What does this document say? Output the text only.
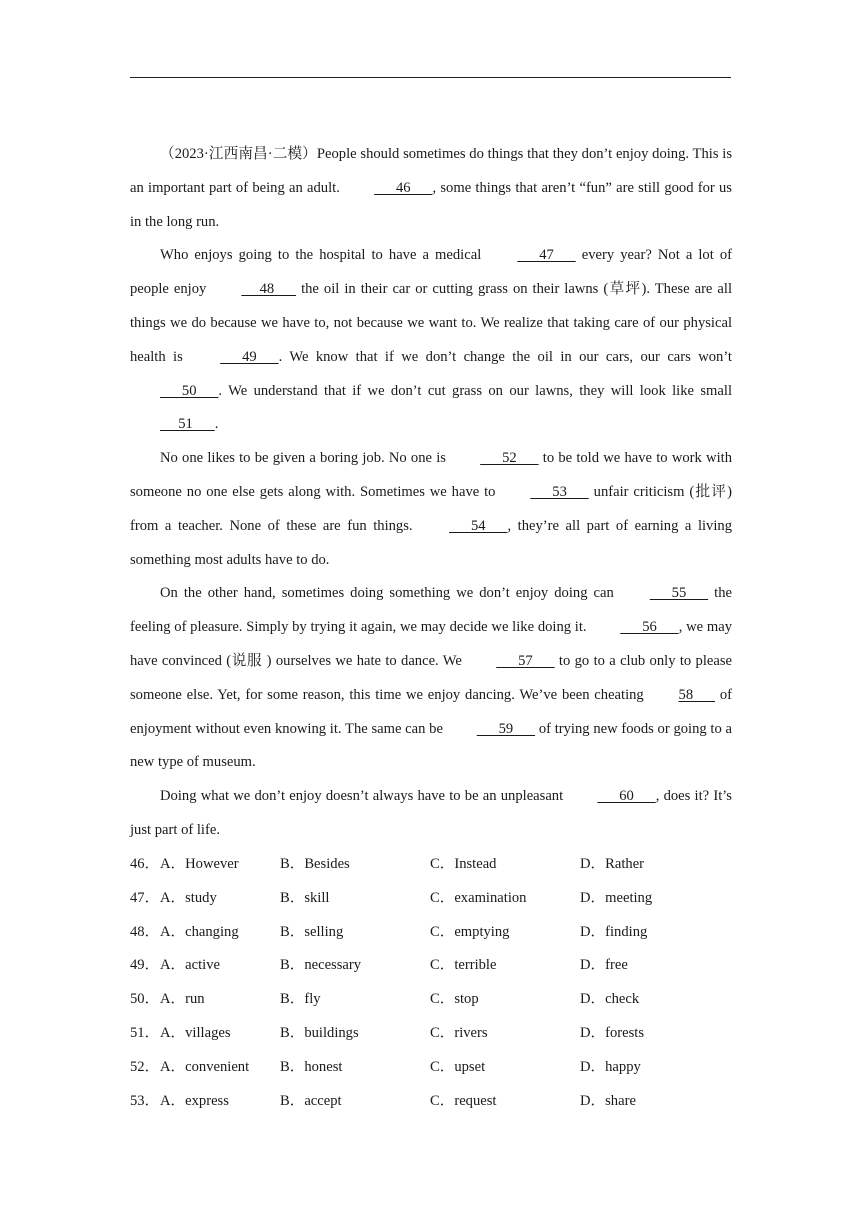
（2023·江西南昌·二模）People should sometimes do things that they don’t enjoy doing. This is an important part of being an adult.       46      , some things that aren’t “fun” are still good for us in the long run.

Who enjoys going to the hospital to have a medical       47       every year? Not a lot of people enjoy      48       the oil in their car or cutting grass on their lawns (草坪). These are all things we do because we have to, not because we want to. We realize that taking care of our physical health is       49      . We know that if we don’t change the oil in our cars, our cars won’t       50      . We understand that if we don’t cut grass on our lawns, they will look like small      51      .

No one likes to be given a boring job. No one is       52       to be told we have to work with someone no one else gets along with. Sometimes we have to       53       unfair criticism (批评) from a teacher. None of these are fun things.       54      , they’re all part of earning a living something most adults have to do.

On the other hand, sometimes doing something we don’t enjoy doing can       55       the feeling of pleasure. Simply by trying it again, we may decide we like doing it.       56      , we may have convinced (说服 ) ourselves we hate to dance. We       57       to go to a club only to please someone else. Yet, for some reason, this time we enjoy dancing. We’ve been cheating 58       of enjoyment without even knowing it. The same can be       59       of trying new foods or going to a new type of museum.

Doing what we don’t enjoy doesn’t always have to be an unpleasant       60      , does it? It’s just part of life.

46． A．However	B．Besides	C．Instead	D．Rather
47． A．study	B．skill	C．examination	D．meeting
48． A．changing	B．selling	C．emptying	D．finding
49． A．active	B．necessary	C．terrible	D．free
50． A．run	B．fly	C．stop	D．check
51． A．villages	B．buildings	C．rivers	D．forests
52． A．convenient	B．honest	C．upset	D．happy
53． A．express	B．accept	C．request	D．share
